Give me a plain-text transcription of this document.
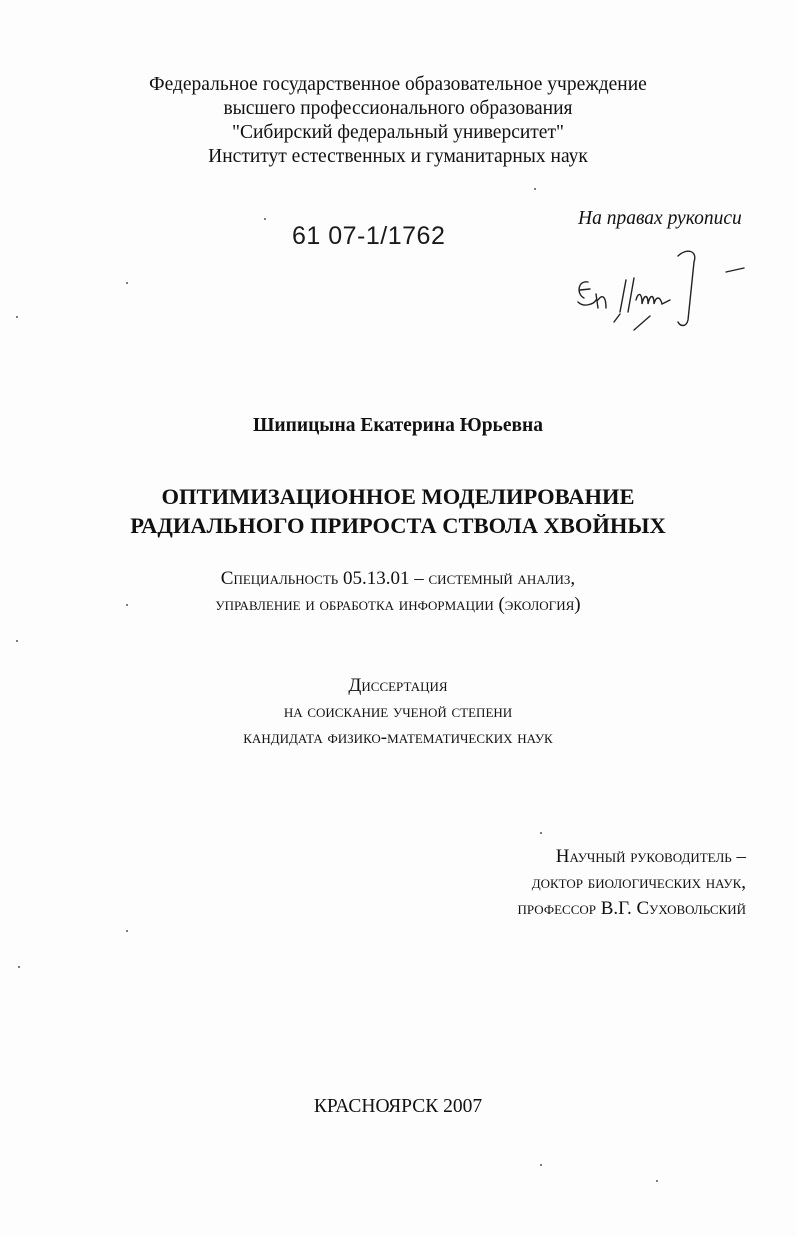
Федеральное государственное образовательное учреждение
высшего профессионального образования
"Сибирский федеральный университет"
Институт естественных и гуманитарных наук
61 07-1/1762
На правах рукописи
Шипицына Екатерина Юрьевна
ОПТИМИЗАЦИОННОЕ МОДЕЛИРОВАНИЕ
РАДИАЛЬНОГО ПРИРОСТА СТВОЛА ХВОЙНЫХ
Специальность 05.13.01 – системный анализ,
управление и обработка информации (экология)
Диссертация
на соискание ученой степени
кандидата физико-математических наук
Научный руководитель –
доктор биологических наук,
профессор В.Г. Суховольский
КРАСНОЯРСК 2007
